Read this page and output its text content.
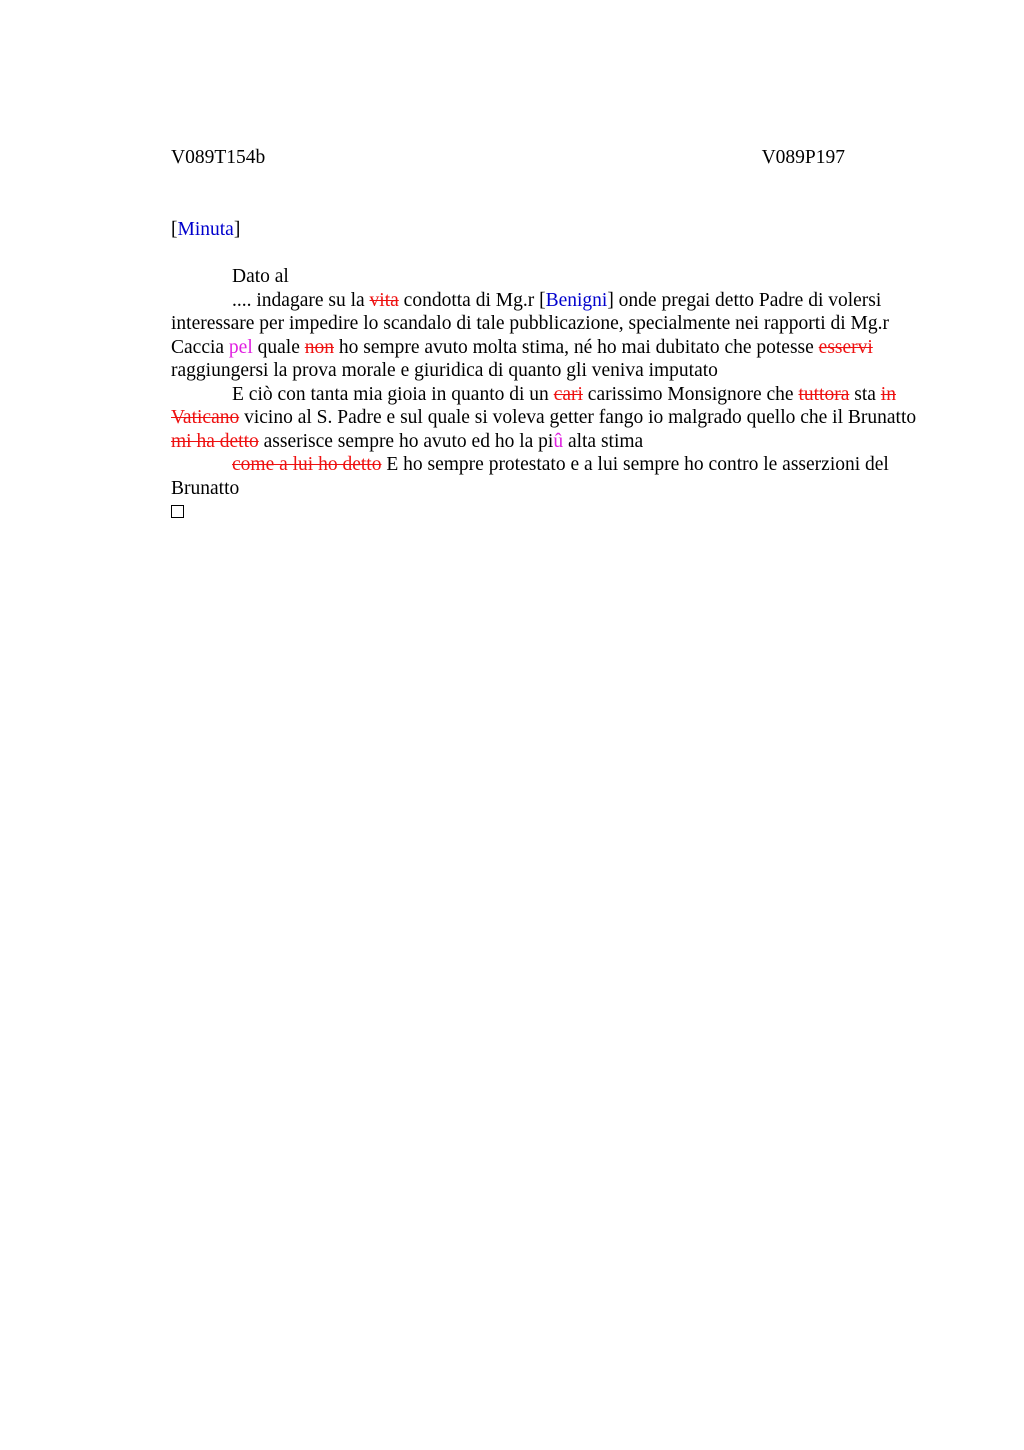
V089T154b	V089P197
[Minuta]

Dato al

.... indagare su la vita condotta di Mg.r [Benigni] onde pregai detto Padre di volersi interessare per impedire lo scandalo di tale pubblicazione, specialmente nei rapporti di Mg.r Caccia pel quale non ho sempre avuto molta stima, né ho mai dubitato che potesse esservi raggiungersi la prova morale e giuridica di quanto gli veniva imputato

E ciò con tanta mia gioia in quanto di un cari carissimo Monsignore che tuttora sta in Vaticano vicino al S. Padre e sul quale si voleva getter fango io malgrado quello che il Brunatto mi ha detto asserisce sempre ho avuto ed ho la piû alta stima

come a lui ho detto E ho sempre protestato e a lui sempre ho contro le asserzioni del Brunatto
